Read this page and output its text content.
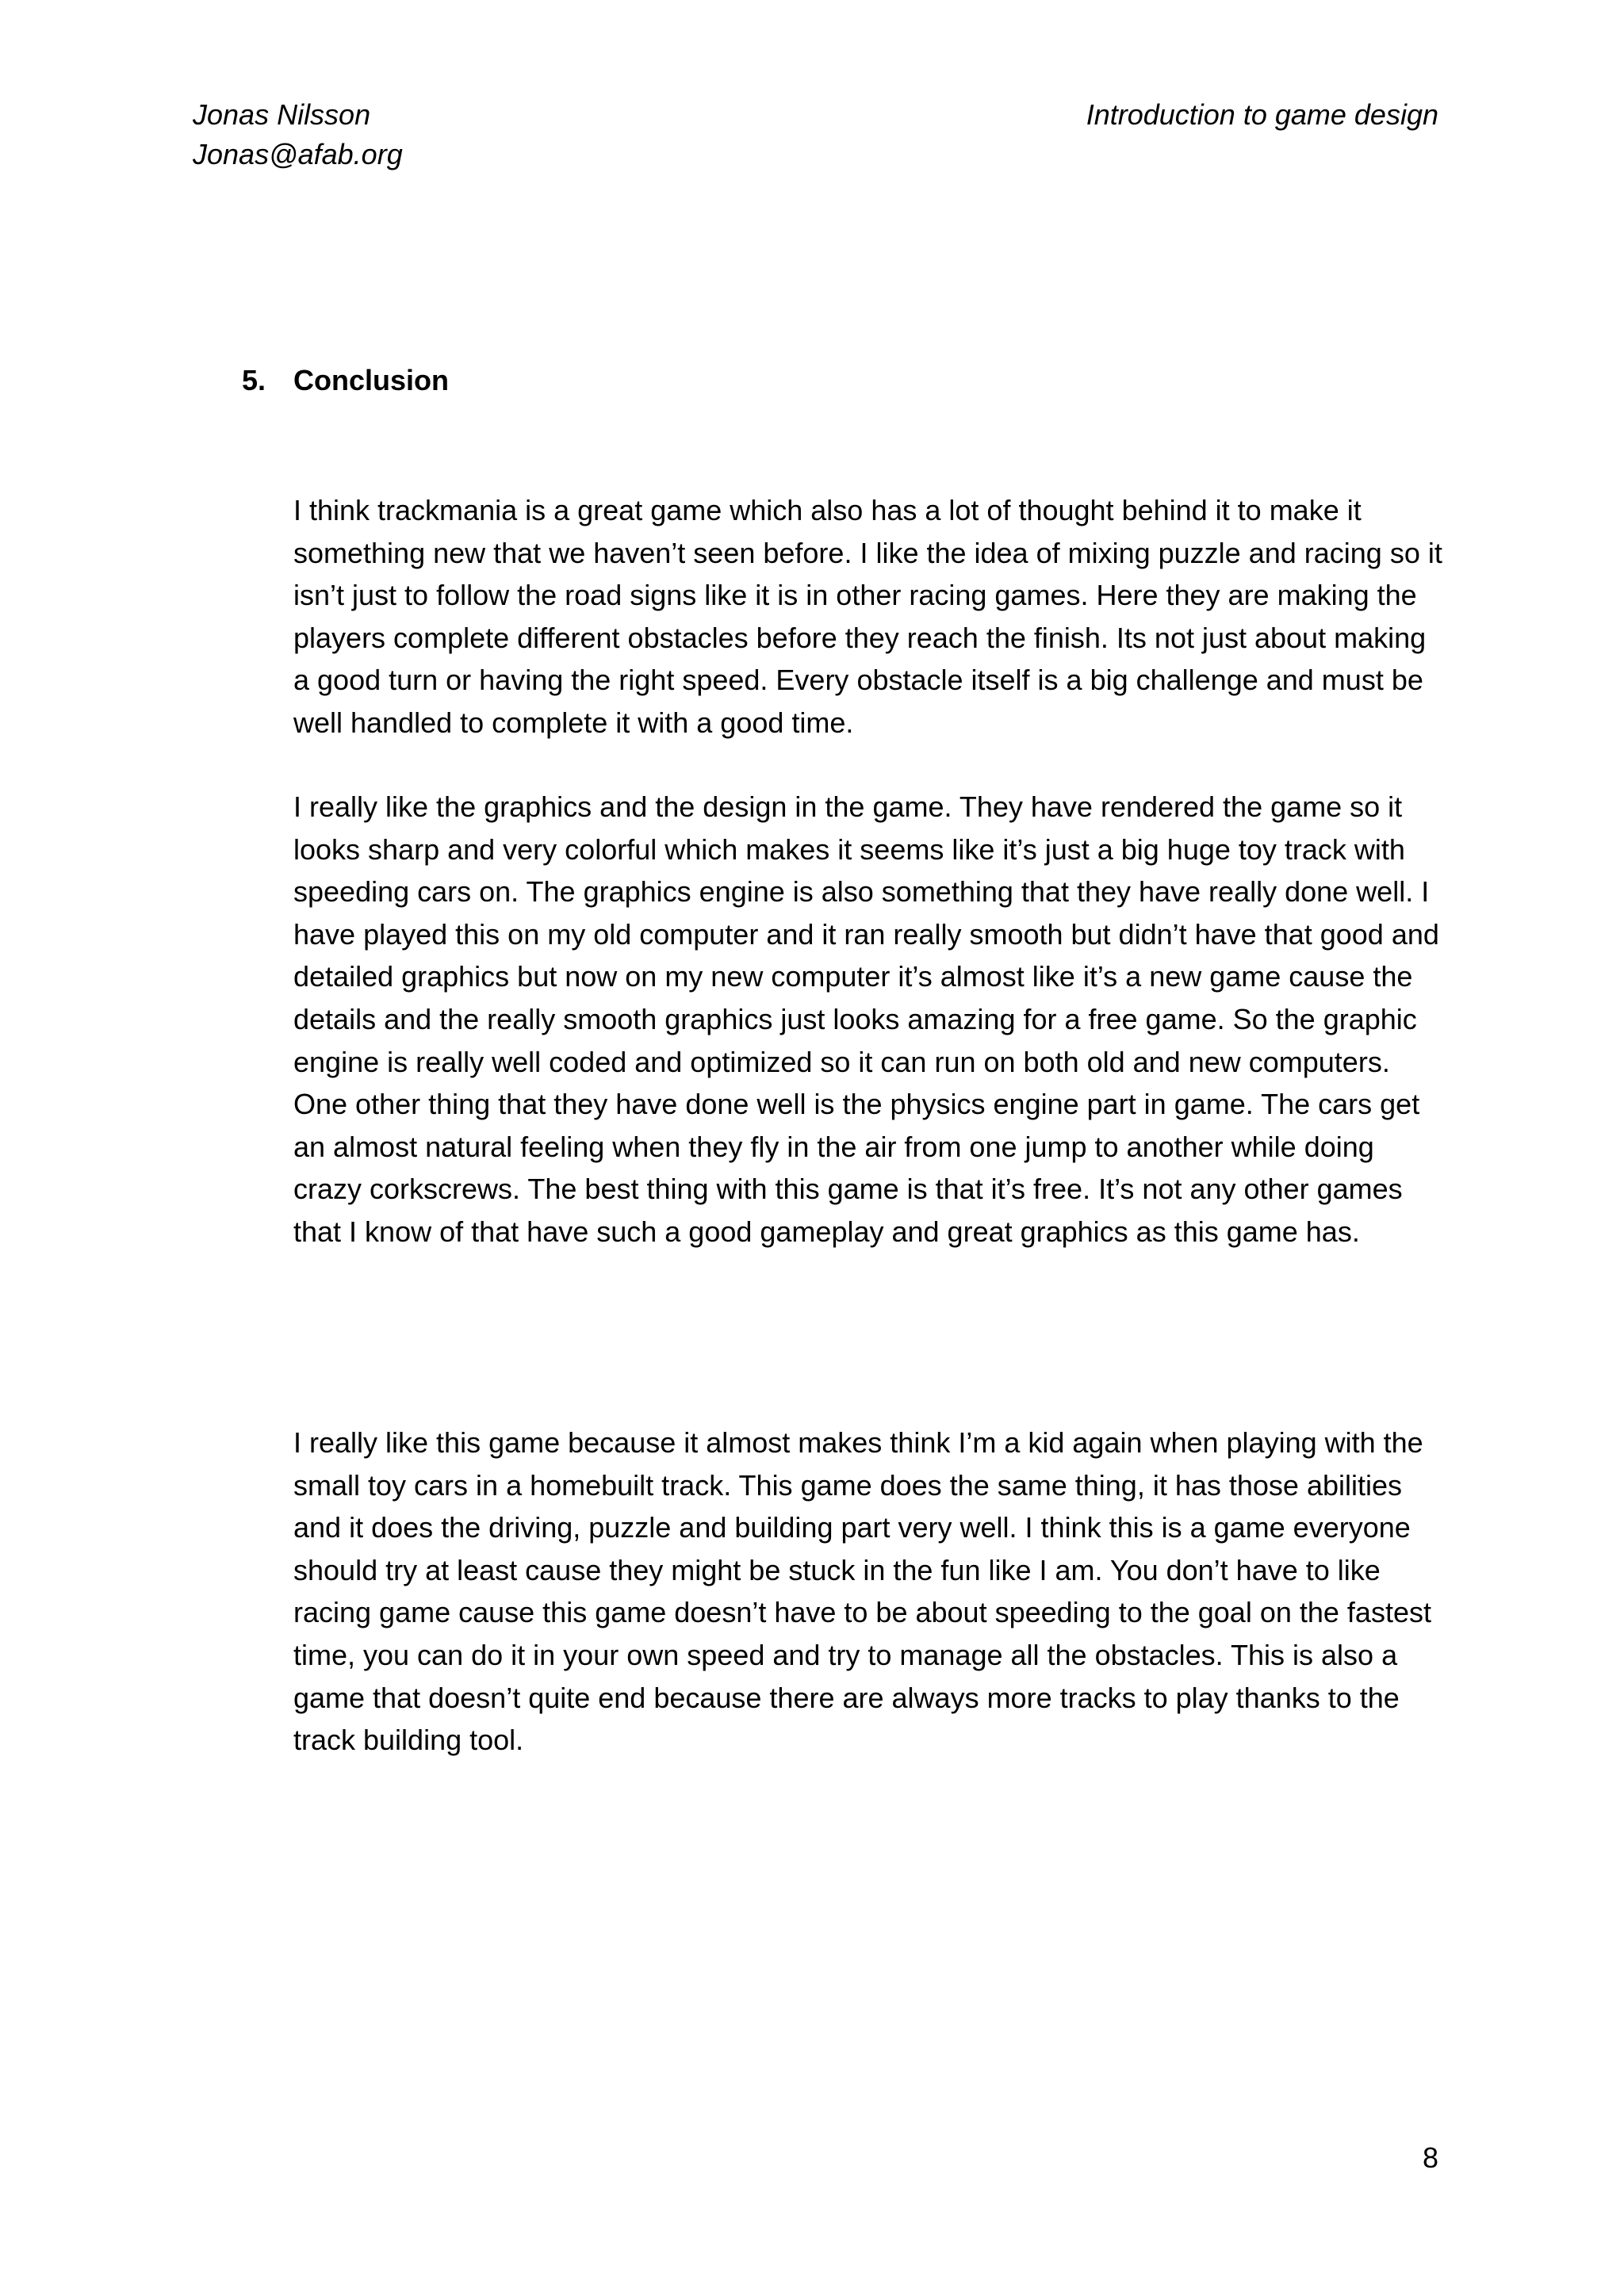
Jonas Nilsson
Jonas@afab.org
Introduction to game design
5. Conclusion

I think trackmania is a great game which also has a lot of thought behind it to make it something new that we haven’t seen before. I like the idea of mixing puzzle and racing so it isn’t just to follow the road signs like it is in other racing games. Here they are making the players complete different obstacles before they reach the finish. Its not just about making a good turn or having the right speed. Every obstacle itself is a big challenge and must be well handled to complete it with a good time.

I really like the graphics and the design in the game. They have rendered the game so it looks sharp and very colorful which makes it seems like it’s just a big huge toy track with speeding cars on. The graphics engine is also something that they have really done well. I have played this on my old computer and it ran really smooth but didn’t have that good and detailed graphics but now on my new computer it’s almost like it’s a new game cause the details and the really smooth graphics just looks amazing for a free game. So the graphic engine is really well coded and optimized so it can run on both old and new computers. One other thing that they have done well is the physics engine part in game. The cars get an almost natural feeling when they fly in the air from one jump to another while doing crazy corkscrews. The best thing with this game is that it’s free. It’s not any other games that I know of that have such a good gameplay and great graphics as this game has.

I really like this game because it almost makes think I’m a kid again when playing with the small toy cars in a homebuilt track. This game does the same thing, it has those abilities and it does the driving, puzzle and building part very well. I think this is a game everyone should try at least cause they might be stuck in the fun like I am. You don’t have to like racing game cause this game doesn’t have to be about speeding to the goal on the fastest time, you can do it in your own speed and try to manage all the obstacles. This is also a game that doesn’t quite end because there are always more tracks to play thanks to the track building tool.

8
